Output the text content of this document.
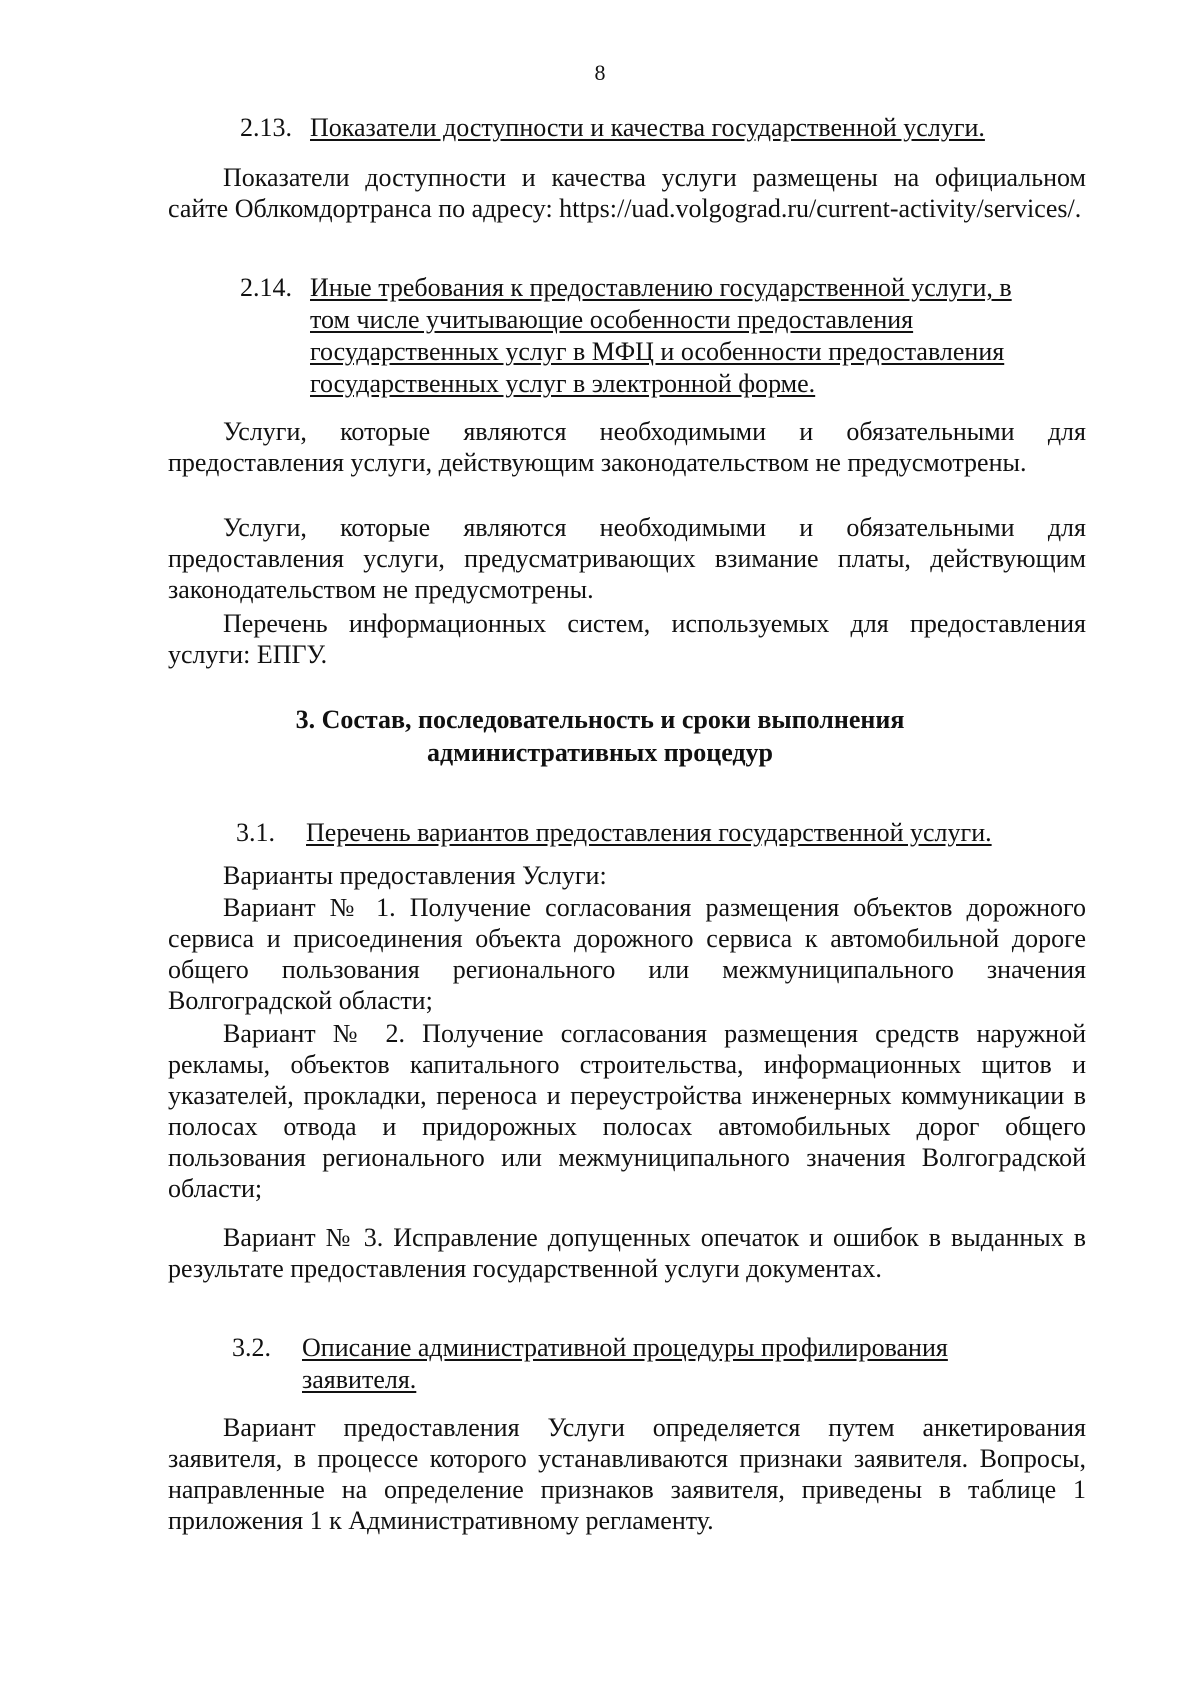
8
2.13. Показатели доступности и качества государственной услуги.
Показатели доступности и качества услуги размещены на официальном сайте Облкомдортранса по адресу: https://uad.volgograd.ru/current-activity/services/.
2.14. Иные требования к предоставлению государственной услуги, в
том числе учитывающие особенности предоставления
государственных услуг в МФЦ и особенности предоставления
государственных услуг в электронной форме.
Услуги, которые являются необходимыми и обязательными для предоставления услуги, действующим законодательством не предусмотрены.
Услуги, которые являются необходимыми и обязательными для предоставления услуги, предусматривающих взимание платы, действующим законодательством не предусмотрены.
Перечень информационных систем, используемых для предоставления услуги: ЕПГУ.
3. Состав, последовательность и сроки выполнения
административных процедур
3.1. Перечень вариантов предоставления государственной услуги.
Варианты предоставления Услуги:
Вариант № 1. Получение согласования размещения объектов дорожного сервиса и присоединения объекта дорожного сервиса к автомобильной дороге общего пользования регионального или межмуниципального значения Волгоградской области;
Вариант № 2. Получение согласования размещения средств наружной рекламы, объектов капитального строительства, информационных щитов и указателей, прокладки, переноса и переустройства инженерных коммуникации в полосах отвода и придорожных полосах автомобильных дорог общего пользования регионального или межмуниципального значения Волгоградской области;
Вариант № 3. Исправление допущенных опечаток и ошибок в выданных в результате предоставления государственной услуги документах.
3.2.	Описание административной процедуры профилирования
заявителя.
Вариант предоставления Услуги определяется путем анкетирования заявителя, в процессе которого устанавливаются признаки заявителя. Вопросы, направленные на определение признаков заявителя, приведены в таблице 1 приложения 1 к Административному регламенту.
